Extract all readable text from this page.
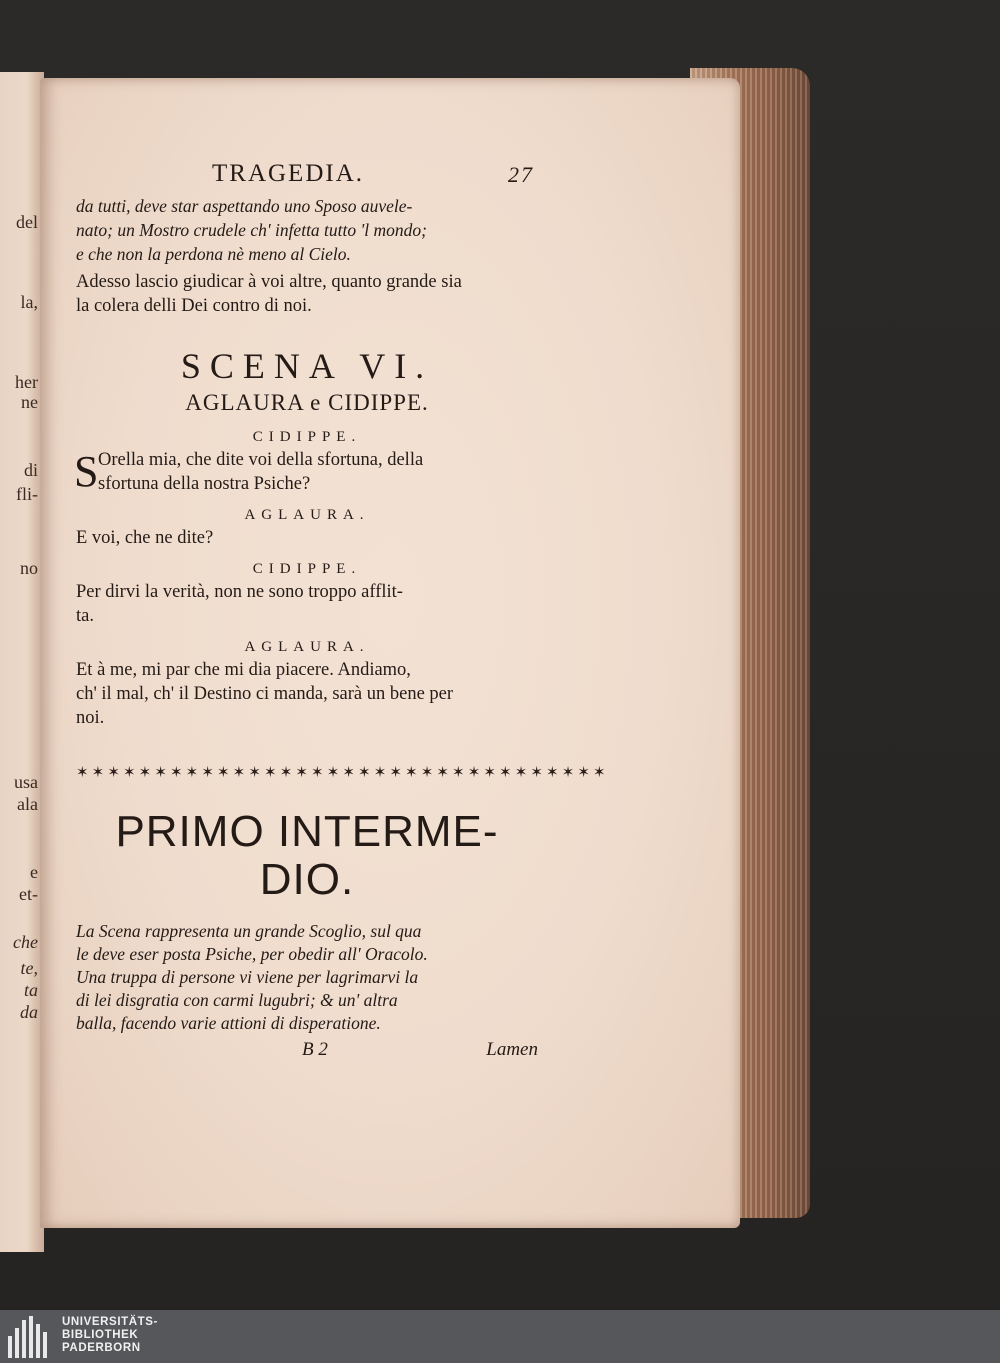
del
la,
her
ne
di
fli-
no
usa
ala
e
et-
che
te,
ta
da
TRAGEDIA.	27

da tutti, deve star aspettando uno Sposo auvele-

nato; un Mostro crudele ch' infetta tutto 'l mondo;

e che non la perdona nè meno al Cielo.

Adesso lascio giudicar à voi altre, quanto grande sia

la colera delli Dei contro di noi.

SCENA VI.
AGLAURA e CIDIPPE.
CIDIPPE.
S Orella mia, che dite voi della sfortuna, della

sfortuna della nostra Psiche?

AGLAURA.

E voi, che ne dite?

CIDIPPE.

Per dirvi la verità, non ne sono troppo afflit-

ta.

AGLAURA.

Et à me, mi par che mi dia piacere. Andiamo,

ch' il mal, ch' il Destino ci manda, sarà un bene per

noi.

✶✶✶✶✶✶✶✶✶✶✶✶✶✶✶✶✶✶✶✶✶✶✶✶✶✶✶✶✶✶✶✶✶✶
PRIMO INTERME-
DIO.

La Scena rappresenta un grande Scoglio, sul qua

le deve eser posta Psiche, per obedir all' Oracolo.

Una truppa di persone vi viene per lagrimarvi la

di lei disgratia con carmi lugubri; & un' altra

balla, facendo varie attioni di disperatione.

B 2	Lamen
UNIVERSITÄTS-
BIBLIOTHEK
PADERBORN
